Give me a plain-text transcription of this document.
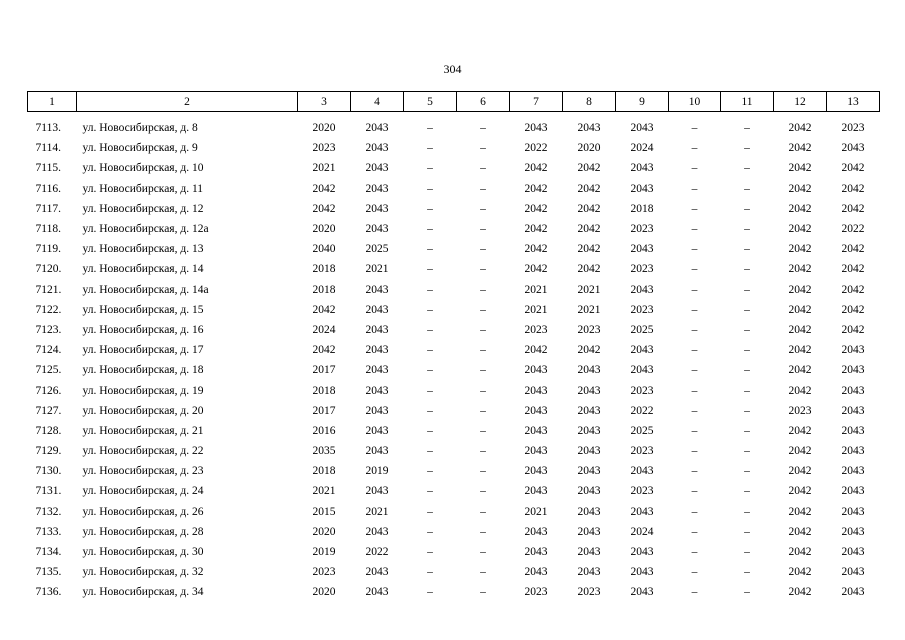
304
1	2	3	4	5	6	7	8	9	10	11	12	13
7113.	ул. Новосибирская, д. 8	2020	2043	–	–	2043	2043	2043	–	–	2042	2023
7114.	ул. Новосибирская, д. 9	2023	2043	–	–	2022	2020	2024	–	–	2042	2043
7115.	ул. Новосибирская, д. 10	2021	2043	–	–	2042	2042	2043	–	–	2042	2042
7116.	ул. Новосибирская, д. 11	2042	2043	–	–	2042	2042	2043	–	–	2042	2042
7117.	ул. Новосибирская, д. 12	2042	2043	–	–	2042	2042	2018	–	–	2042	2042
7118.	ул. Новосибирская, д. 12а	2020	2043	–	–	2042	2042	2023	–	–	2042	2022
7119.	ул. Новосибирская, д. 13	2040	2025	–	–	2042	2042	2043	–	–	2042	2042
7120.	ул. Новосибирская, д. 14	2018	2021	–	–	2042	2042	2023	–	–	2042	2042
7121.	ул. Новосибирская, д. 14а	2018	2043	–	–	2021	2021	2043	–	–	2042	2042
7122.	ул. Новосибирская, д. 15	2042	2043	–	–	2021	2021	2023	–	–	2042	2042
7123.	ул. Новосибирская, д. 16	2024	2043	–	–	2023	2023	2025	–	–	2042	2042
7124.	ул. Новосибирская, д. 17	2042	2043	–	–	2042	2042	2043	–	–	2042	2043
7125.	ул. Новосибирская, д. 18	2017	2043	–	–	2043	2043	2043	–	–	2042	2043
7126.	ул. Новосибирская, д. 19	2018	2043	–	–	2043	2043	2023	–	–	2042	2043
7127.	ул. Новосибирская, д. 20	2017	2043	–	–	2043	2043	2022	–	–	2023	2043
7128.	ул. Новосибирская, д. 21	2016	2043	–	–	2043	2043	2025	–	–	2042	2043
7129.	ул. Новосибирская, д. 22	2035	2043	–	–	2043	2043	2023	–	–	2042	2043
7130.	ул. Новосибирская, д. 23	2018	2019	–	–	2043	2043	2043	–	–	2042	2043
7131.	ул. Новосибирская, д. 24	2021	2043	–	–	2043	2043	2023	–	–	2042	2043
7132.	ул. Новосибирская, д. 26	2015	2021	–	–	2021	2043	2043	–	–	2042	2043
7133.	ул. Новосибирская, д. 28	2020	2043	–	–	2043	2043	2024	–	–	2042	2043
7134.	ул. Новосибирская, д. 30	2019	2022	–	–	2043	2043	2043	–	–	2042	2043
7135.	ул. Новосибирская, д. 32	2023	2043	–	–	2043	2043	2043	–	–	2042	2043
7136.	ул. Новосибирская, д. 34	2020	2043	–	–	2023	2023	2043	–	–	2042	2043
